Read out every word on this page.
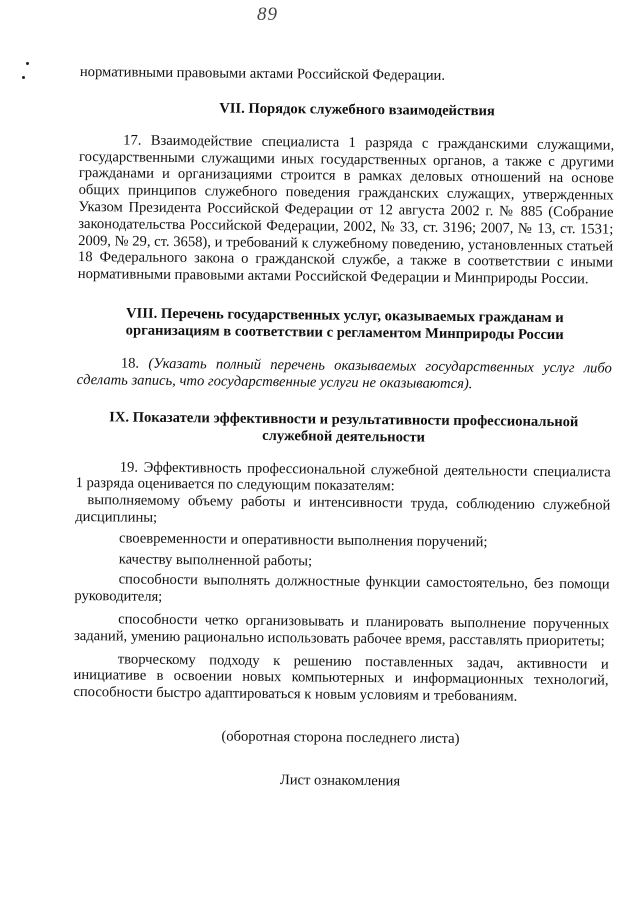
89

нормативными правовыми актами Российской Федерации.

VII. Порядок служебного взаимодействия

17. Взаимодействие специалиста 1 разряда с гражданскими служащими, государственными служащими иных государственных органов, а также с другими гражданами и организациями строится в рамках деловых отношений на основе общих принципов служебного поведения гражданских служащих, утвержденных Указом Президента Российской Федерации от 12 августа 2002 г. № 885 (Собрание законодательства Российской Федерации, 2002, № 33, ст. 3196; 2007, № 13, ст. 1531; 2009, № 29, ст. 3658), и требований к служебному поведению, установленных статьей 18 Федерального закона о гражданской службе, а также в соответствии с иными нормативными правовыми актами Российской Федерации и Минприроды России.

VIII. Перечень государственных услуг, оказываемых гражданам и
организациям в соответствии с регламентом Минприроды России

18. (Указать полный перечень оказываемых государственных услуг либо сделать запись, что государственные услуги не оказываются).

IX. Показатели эффективности и результативности профессиональной
служебной деятельности

19. Эффективность профессиональной служебной деятельности специалиста 1 разряда оценивается по следующим показателям:

выполняемому объему работы и интенсивности труда, соблюдению служебной дисциплины;

своевременности и оперативности выполнения поручений;

качеству выполненной работы;

способности выполнять должностные функции самостоятельно, без помощи руководителя;

способности четко организовывать и планировать выполнение порученных заданий, умению рационально использовать рабочее время, расставлять приоритеты;

творческому подходу к решению поставленных задач, активности и инициативе в освоении новых компьютерных и информационных технологий, способности быстро адаптироваться к новым условиям и требованиям.

(оборотная сторона последнего листа)

Лист ознакомления
